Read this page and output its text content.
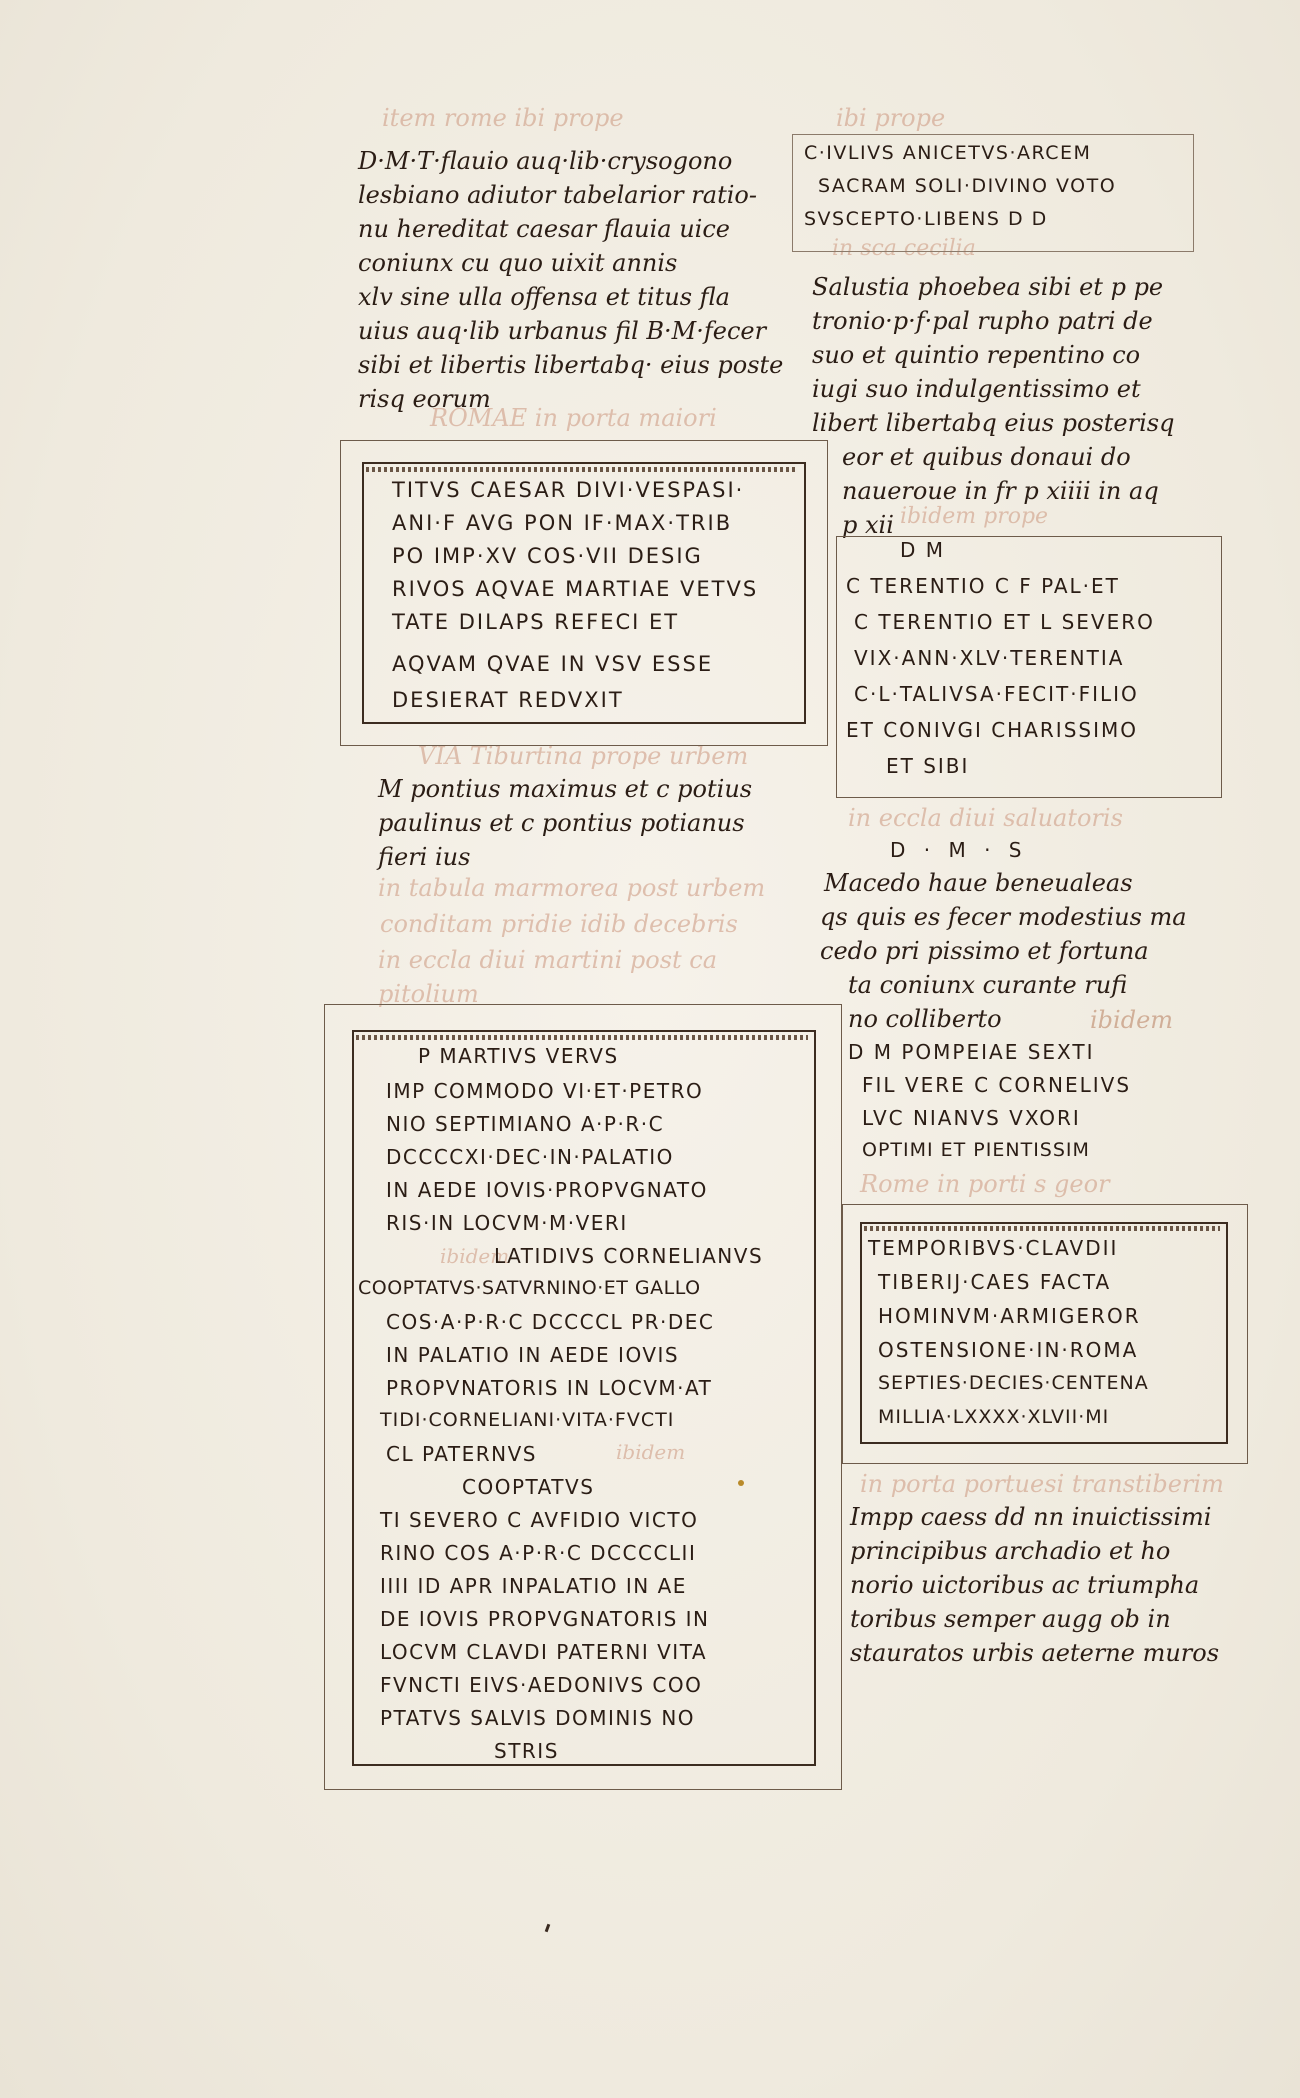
item rome ibi prope	ibi prope
in sca cecilia
ROMAE in porta maiori
ibidem prope
VIA Tiburtina prope urbem
in eccla diui saluatoris
in tabula marmorea post urbem
conditam pridie idib decebris
in eccla diui martini post ca
pitolium
ibidem
ibidem
Rome in porti s geor
ibidem
in porta portuesi transtiberim
D·M·T·flauio auq·lib·crysogono
lesbiano adiutor tabelarior ratio-
nu hereditat caesar flauia uice
coniunx cu quo uixit annis
xlv sine ulla offensa et titus fla
uius auq·lib urbanus fil B·M·fecer
sibi et libertis libertabq· eius poste
risq eorum
TITVS CAESAR DIVI·VESPASI·
ANI·F AVG PON IF·MAX·TRIB
PO IMP·XV COS·VII DESIG
RIVOS AQVAE MARTIAE VETVS
TATE DILAPS REFECI ET
AQVAM QVAE IN VSV ESSE
DESIERAT REDVXIT
M pontius maximus et c potius
paulinus et c pontius potianus
fieri ius
P MARTIVS VERVS
IMP COMMODO VI·ET·PETRO
NIO SEPTIMIANO A·P·R·C
DCCCCXI·DEC·IN·PALATIO
IN AEDE IOVIS·PROPVGNATO
RIS·IN LOCVM·M·VERI
LATIDIVS CORNELIANVS
COOPTATVS·SATVRNINO·ET GALLO
COS·A·P·R·C DCCCCL PR·DEC
IN PALATIO IN AEDE IOVIS
PROPVNATORIS IN LOCVM·AT
TIDI·CORNELIANI·VITA·FVCTI
CL PATERNVS
COOPTATVS
TI SEVERO C AVFIDIO VICTO
RINO COS A·P·R·C DCCCCLII
IIII ID APR INPALATIO IN AE
DE IOVIS PROPVGNATORIS IN
LOCVM CLAVDI PATERNI VITA
FVNCTI EIVS·AEDONIVS COO
PTATVS SALVIS DOMINIS NO
STRIS
C·IVLIVS ANICETVS·ARCEM
SACRAM SOLI·DIVINO VOTO
SVSCEPTO·LIBENS D D
Salustia phoebea sibi et p pe
tronio·p·f·pal rupho patri de
suo et quintio repentino co
iugi suo indulgentissimo et
libert libertabq eius posterisq
eor et quibus donaui do
naueroue in fr p xiiii in aq
p xii
D M
C TERENTIO C F PAL·ET
C TERENTIO ET L SEVERO
VIX·ANN·XLV·TERENTIA
C·L·TALIVSA·FECIT·FILIO
ET CONIVGI CHARISSIMO
ET SIBI
D · M · S
Macedo haue beneualeas
qs quis es fecer modestius ma
cedo pri pissimo et fortuna
ta coniunx curante rufi
no colliberto
D M POMPEIAE SEXTI
FIL VERE C CORNELIVS
LVC NIANVS VXORI
OPTIMI ET PIENTISSIM
TEMPORIBVS·CLAVDII
TIBERIJ·CAES FACTA
HOMINVM·ARMIGEROR
OSTENSIONE·IN·ROMA
SEPTIES·DECIES·CENTENA
MILLIA·LXXXX·XLVII·MI
Impp caess dd nn inuictissimi
principibus archadio et ho
norio uictoribus ac triumpha
toribus semper augg ob in
stauratos urbis aeterne muros
